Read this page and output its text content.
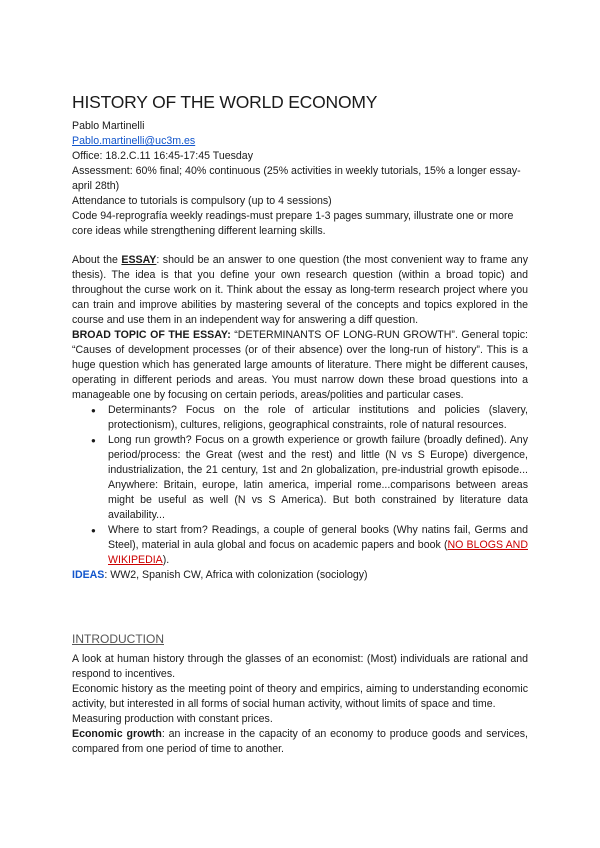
HISTORY OF THE WORLD ECONOMY

Pablo Martinelli

Pablo.martinelli@uc3m.es

Office: 18.2.C.11 16:45-17:45 Tuesday

Assessment: 60% final; 40% continuous (25% activities in weekly tutorials, 15% a longer essay-april 28th)

Attendance to tutorials is compulsory (up to 4 sessions)

Code 94-reprografía weekly readings-must prepare 1-3 pages summary, illustrate one or more core ideas while strengthening different learning skills.

About the ESSAY: should be an answer to one question (the most convenient way to frame any thesis). The idea is that you define your own research question (within a broad topic) and throughout the curse work on it. Think about the essay as long-term research project where you can train and improve abilities by mastering several of the concepts and topics explored in the course and use them in an independent way for answering a diff question.

BROAD TOPIC OF THE ESSAY: “DETERMINANTS OF LONG-RUN GROWTH”. General topic: “Causes of development processes (or of their absence) over the long-run of history”. This is a huge question which has generated large amounts of literature. There might be different causes, operating in different periods and areas. You must narrow down these broad questions into a manageable one by focusing on certain periods, areas/polities and particular cases.

● Determinants? Focus on the role of articular institutions and policies (slavery, protectionism), cultures, religions, geographical constraints, role of natural resources.
● Long run growth? Focus on a growth experience or growth failure (broadly defined). Any period/process: the Great (west and the rest) and little (N vs S Europe) divergence, industrialization, the 21 century, 1st and 2n globalization, pre-industrial growth episode... Anywhere: Britain, europe, latin america, imperial rome...comparisons between areas might be useful as well (N vs S America). But both constrained by literature data availability...
● Where to start from? Readings, a couple of general books (Why natins fail, Germs and Steel), material in aula global and focus on academic papers and book (NO BLOGS AND WIKIPEDIA).

IDEAS: WW2, Spanish CW, Africa with colonization (sociology)

INTRODUCTION

A look at human history through the glasses of an economist: (Most) individuals are rational and respond to incentives.

Economic history as the meeting point of theory and empirics, aiming to understanding economic activity, but interested in all forms of social human activity, without limits of space and time.

Measuring production with constant prices.

Economic growth: an increase in the capacity of an economy to produce goods and services, compared from one period of time to another.
